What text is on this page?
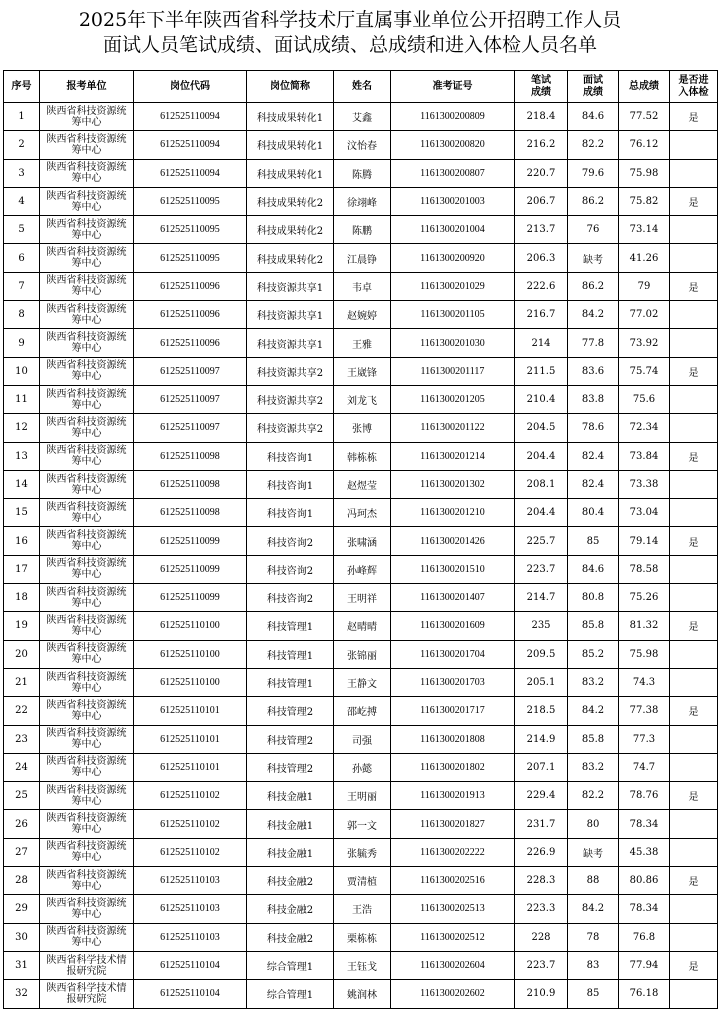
2025年下半年陕西省科学技术厅直属事业单位公开招聘工作人员
面试人员笔试成绩、面试成绩、总成绩和进入体检人员名单
序号	报考单位	岗位代码	岗位简称	姓名	准考证号	笔试
成绩	面试
成绩	总成绩	是否进
入体检
1	陕西省科技资源统
筹中心	612525110094	科技成果转化1	艾鑫	1161300200809	218.4	84.6	77.52	是
2	陕西省科技资源统
筹中心	612525110094	科技成果转化1	汶怡春	1161300200820	216.2	82.2	76.12	
3	陕西省科技资源统
筹中心	612525110094	科技成果转化1	陈腾	1161300200807	220.7	79.6	75.98	
4	陕西省科技资源统
筹中心	612525110095	科技成果转化2	徐翊峰	1161300201003	206.7	86.2	75.82	是
5	陕西省科技资源统
筹中心	612525110095	科技成果转化2	陈鹏	1161300201004	213.7	76	73.14	
6	陕西省科技资源统
筹中心	612525110095	科技成果转化2	江晨铮	1161300200920	206.3	缺考	41.26	
7	陕西省科技资源统
筹中心	612525110096	科技资源共享1	韦卓	1161300201029	222.6	86.2	79	是
8	陕西省科技资源统
筹中心	612525110096	科技资源共享1	赵婉婷	1161300201105	216.7	84.2	77.02	
9	陕西省科技资源统
筹中心	612525110096	科技资源共享1	王雅	1161300201030	214	77.8	73.92	
10	陕西省科技资源统
筹中心	612525110097	科技资源共享2	王崴锋	1161300201117	211.5	83.6	75.74	是
11	陕西省科技资源统
筹中心	612525110097	科技资源共享2	刘龙飞	1161300201205	210.4	83.8	75.6	
12	陕西省科技资源统
筹中心	612525110097	科技资源共享2	张博	1161300201122	204.5	78.6	72.34	
13	陕西省科技资源统
筹中心	612525110098	科技咨询1	韩栋栋	1161300201214	204.4	82.4	73.84	是
14	陕西省科技资源统
筹中心	612525110098	科技咨询1	赵煜莹	1161300201302	208.1	82.4	73.38	
15	陕西省科技资源统
筹中心	612525110098	科技咨询1	冯珂杰	1161300201210	204.4	80.4	73.04	
16	陕西省科技资源统
筹中心	612525110099	科技咨询2	张啸涵	1161300201426	225.7	85	79.14	是
17	陕西省科技资源统
筹中心	612525110099	科技咨询2	孙峰辉	1161300201510	223.7	84.6	78.58	
18	陕西省科技资源统
筹中心	612525110099	科技咨询2	王明祥	1161300201407	214.7	80.8	75.26	
19	陕西省科技资源统
筹中心	612525110100	科技管理1	赵晴晴	1161300201609	235	85.8	81.32	是
20	陕西省科技资源统
筹中心	612525110100	科技管理1	张锦丽	1161300201704	209.5	85.2	75.98	
21	陕西省科技资源统
筹中心	612525110100	科技管理1	王静文	1161300201703	205.1	83.2	74.3	
22	陕西省科技资源统
筹中心	612525110101	科技管理2	邵屹搏	1161300201717	218.5	84.2	77.38	是
23	陕西省科技资源统
筹中心	612525110101	科技管理2	司强	1161300201808	214.9	85.8	77.3	
24	陕西省科技资源统
筹中心	612525110101	科技管理2	孙懿	1161300201802	207.1	83.2	74.7	
25	陕西省科技资源统
筹中心	612525110102	科技金融1	王明丽	1161300201913	229.4	82.2	78.76	是
26	陕西省科技资源统
筹中心	612525110102	科技金融1	郭一文	1161300201827	231.7	80	78.34	
27	陕西省科技资源统
筹中心	612525110102	科技金融1	张毓秀	1161300202222	226.9	缺考	45.38	
28	陕西省科技资源统
筹中心	612525110103	科技金融2	贾清植	1161300202516	228.3	88	80.86	是
29	陕西省科技资源统
筹中心	612525110103	科技金融2	王浩	1161300202513	223.3	84.2	78.34	
30	陕西省科技资源统
筹中心	612525110103	科技金融2	栗栋栋	1161300202512	228	78	76.8	
31	陕西省科学技术情
报研究院	612525110104	综合管理1	王钰戈	1161300202604	223.7	83	77.94	是
32	陕西省科学技术情
报研究院	612525110104	综合管理1	姚润林	1161300202602	210.9	85	76.18	
